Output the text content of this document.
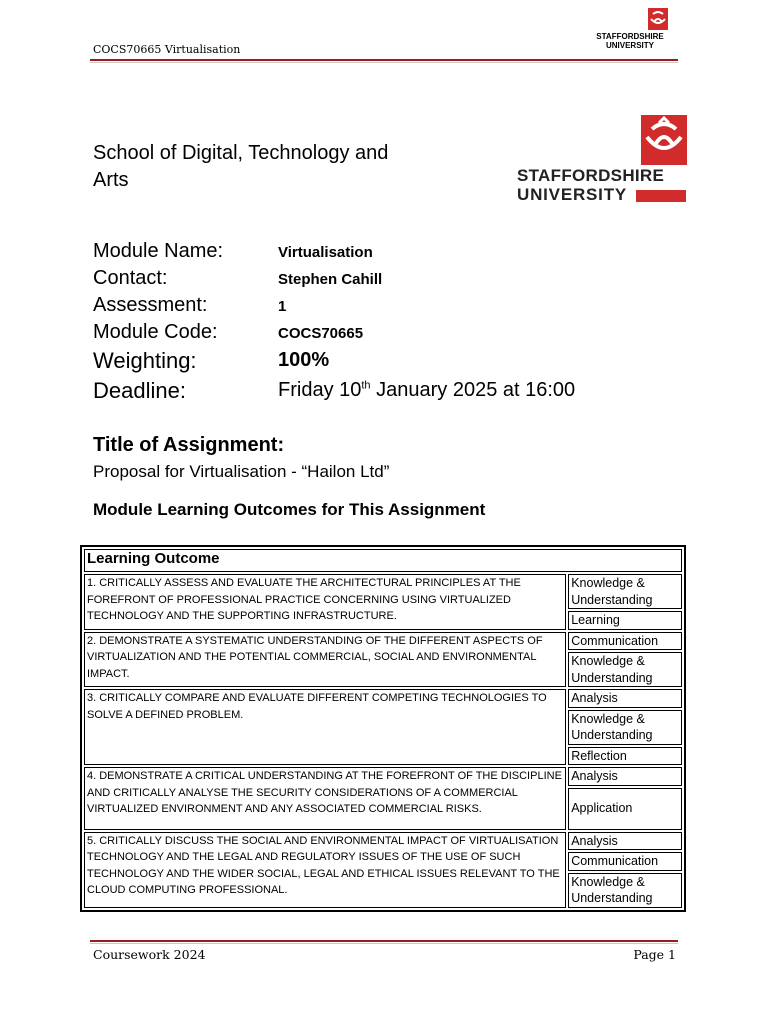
COCS70665 Virtualisation
STAFFORDSHIRE
UNIVERSITY
School of Digital, Technology and Arts	STAFFORDSHIRE
UNIVERSITY
Module Name:	Virtualisation
Contact:	Stephen Cahill
Assessment:	1
Module Code:	COCS70665
Weighting:	100%
Deadline:	Friday 10th January 2025 at 16:00
Title of Assignment:
Proposal for Virtualisation - “Hailon Ltd”
Module Learning Outcomes for This Assignment
Learning Outcome	
1. CRITICALLY ASSESS AND EVALUATE THE ARCHITECTURAL PRINCIPLES AT THE FOREFRONT OF PROFESSIONAL PRACTICE CONCERNING USING VIRTUALIZED TECHNOLOGY AND THE SUPPORTING INFRASTRUCTURE.	Knowledge & Understanding
	Learning
2. DEMONSTRATE A SYSTEMATIC UNDERSTANDING OF THE DIFFERENT ASPECTS OF VIRTUALIZATION AND THE POTENTIAL COMMERCIAL, SOCIAL AND ENVIRONMENTAL IMPACT.	Communication
	Knowledge & Understanding
3. CRITICALLY COMPARE AND EVALUATE DIFFERENT COMPETING TECHNOLOGIES TO SOLVE A DEFINED PROBLEM.	Analysis
	Knowledge & Understanding
	Reflection
4. DEMONSTRATE A CRITICAL UNDERSTANDING AT THE FOREFRONT OF THE DISCIPLINE AND CRITICALLY ANALYSE THE SECURITY CONSIDERATIONS OF A COMMERCIAL VIRTUALIZED ENVIRONMENT AND ANY ASSOCIATED COMMERCIAL RISKS.	Analysis
	Application
5. CRITICALLY DISCUSS THE SOCIAL AND ENVIRONMENTAL IMPACT OF VIRTUALISATION TECHNOLOGY AND THE LEGAL AND REGULATORY ISSUES OF THE USE OF SUCH TECHNOLOGY AND THE WIDER SOCIAL, LEGAL AND ETHICAL ISSUES RELEVANT TO THE CLOUD COMPUTING PROFESSIONAL.	Analysis
	Communication
	Knowledge & Understanding
Coursework 2024	Page 1
